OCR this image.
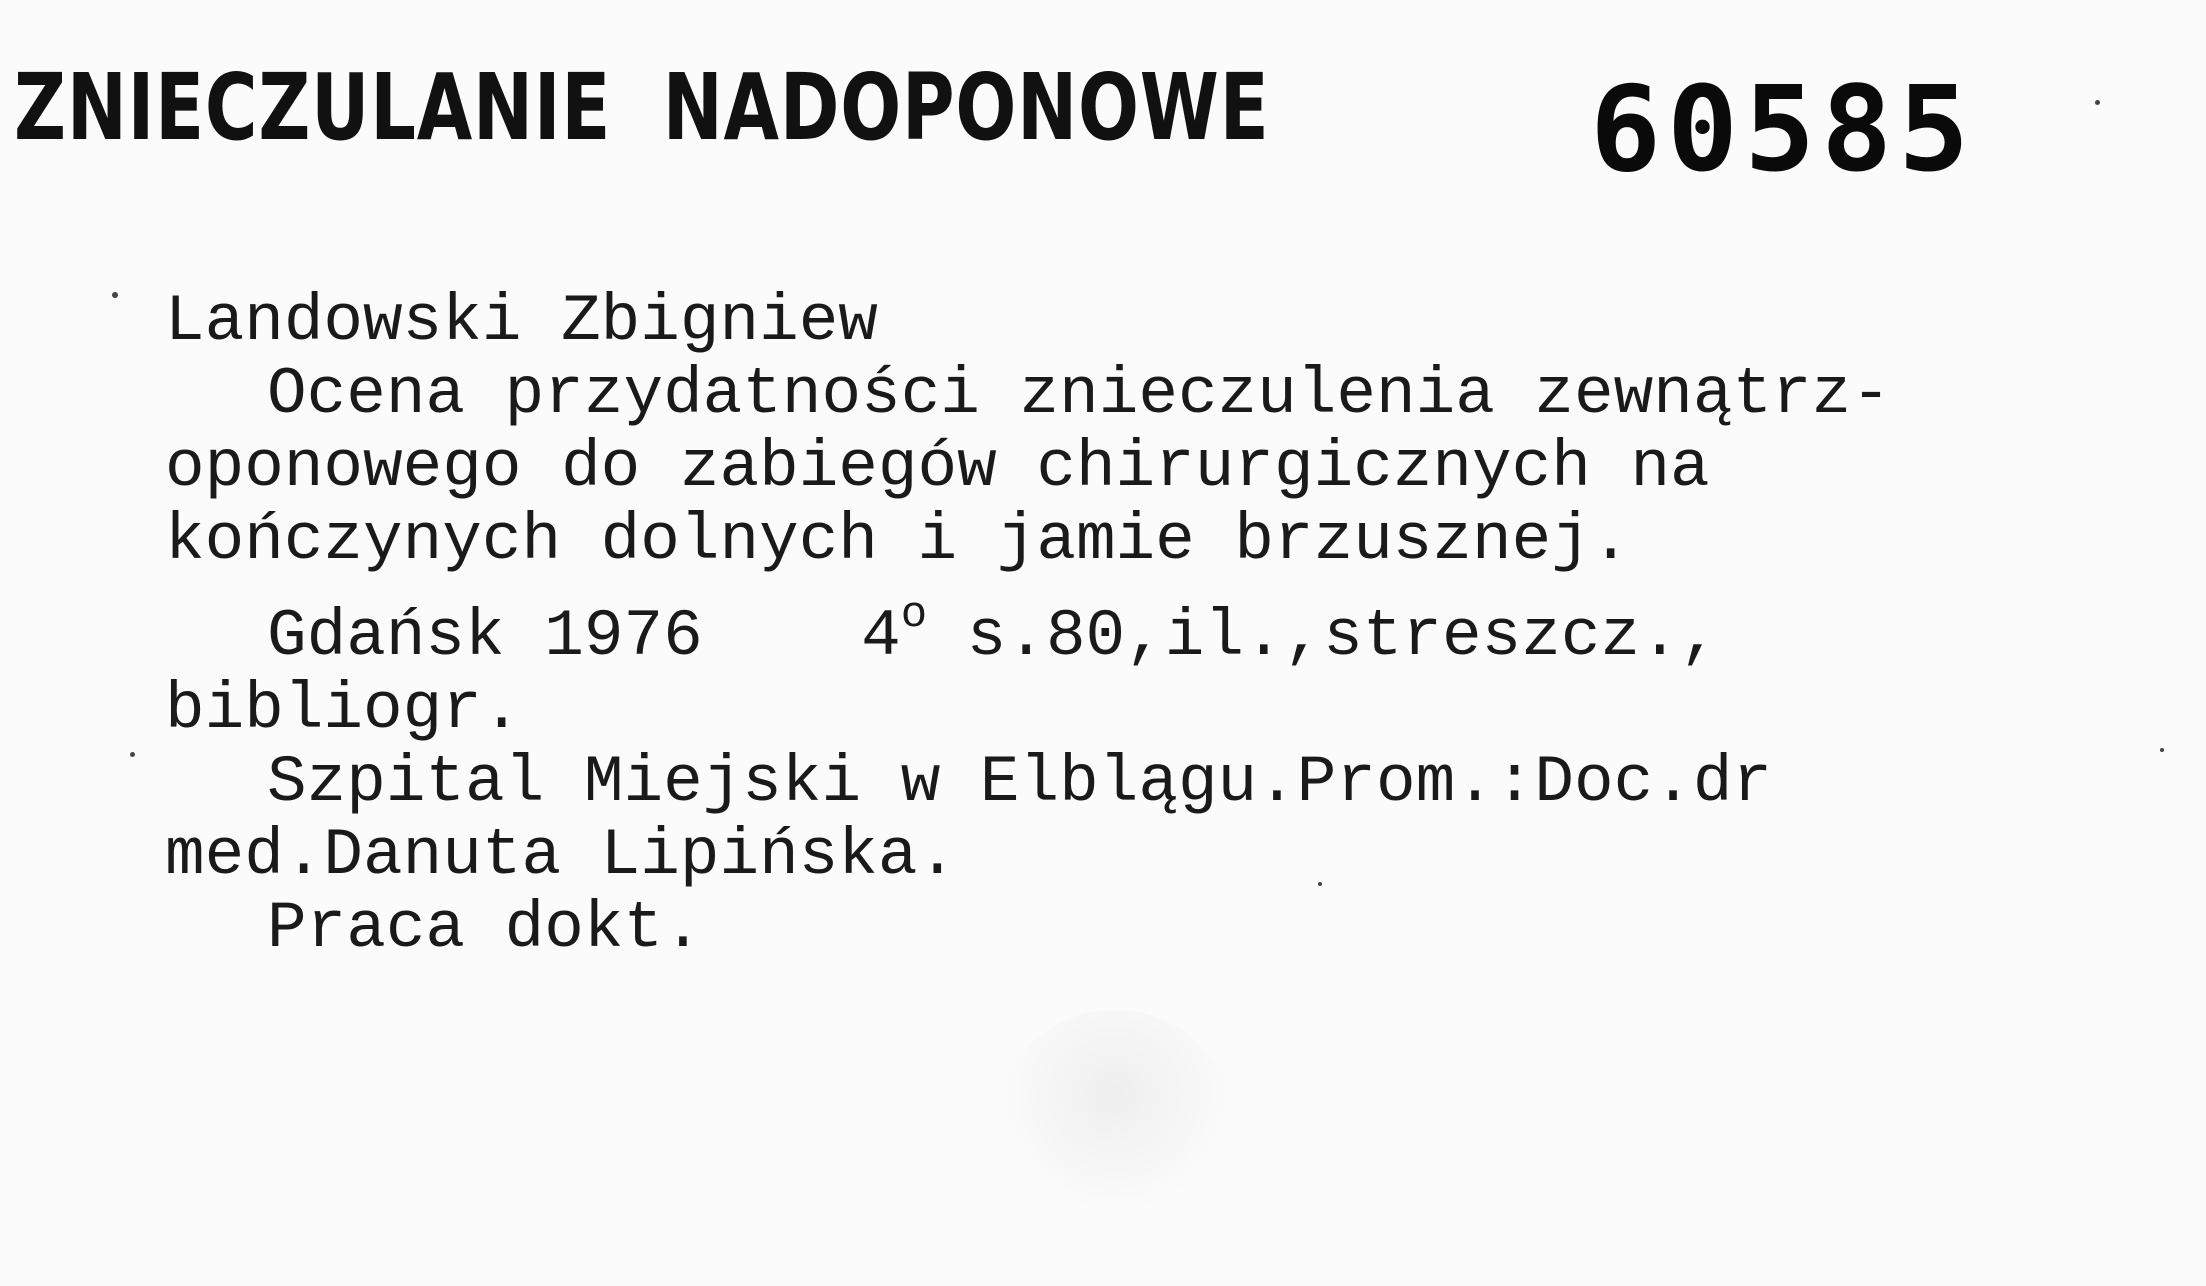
ZNIECZULANIE  NADOPONOWE	60585
Landowski Zbigniew
Ocena przydatności znieczulenia zewnątrz-
oponowego do zabiegów chirurgicznych na
kończynych dolnych i jamie brzusznej.
Gdańsk 1976 4$^o$ s.80,il.,streszcz.,
bibliogr.
Szpital Miejski w Elblągu.Prom.:Doc.dr
med.Danuta Lipińska.
Praca dokt.
